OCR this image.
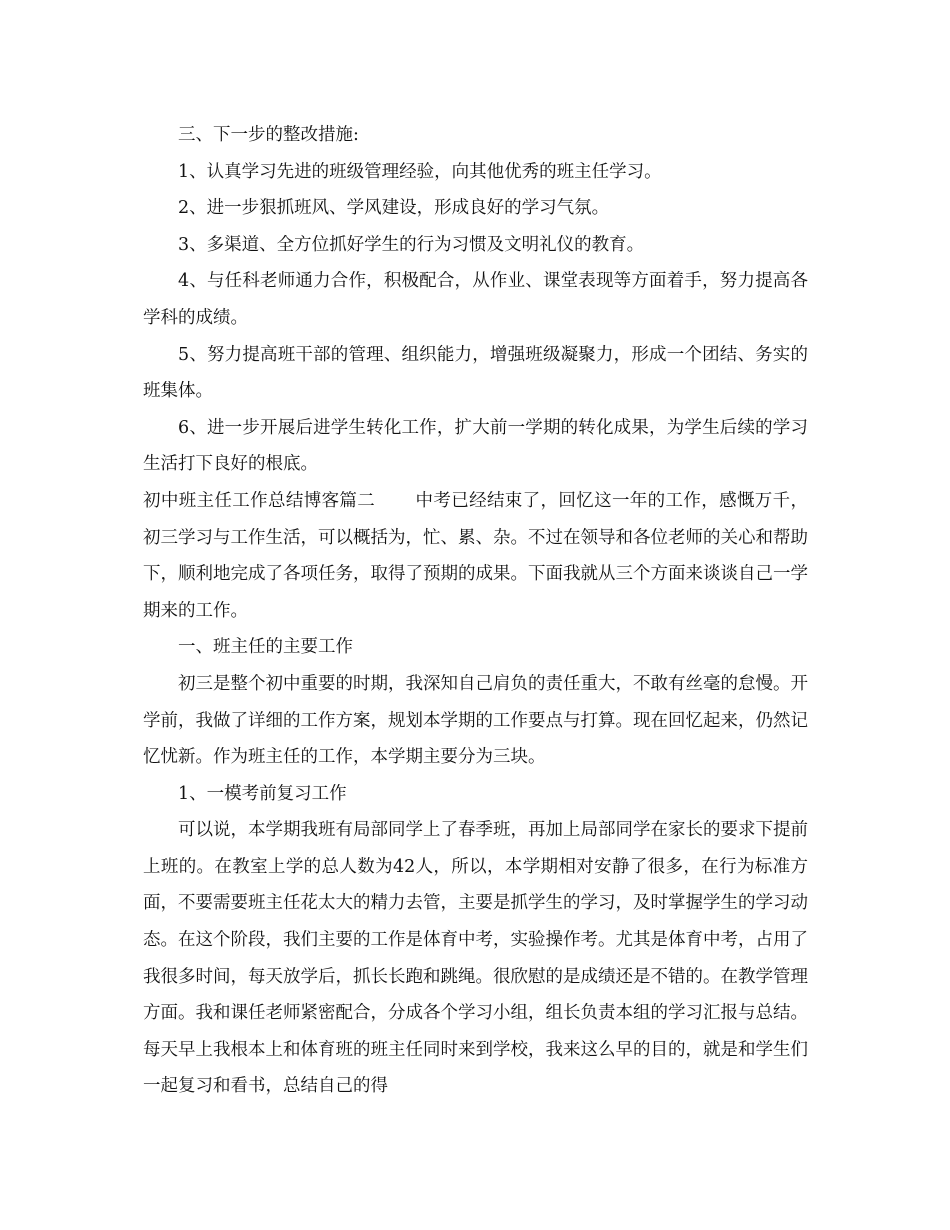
三、下一步的整改措施:

1、认真学习先进的班级管理经验，向其他优秀的班主任学习。

2、进一步狠抓班风、学风建设，形成良好的学习气氛。

3、多渠道、全方位抓好学生的行为习惯及文明礼仪的教育。

4、与任科老师通力合作，积极配合，从作业、课堂表现等方面着手，努力提高各学科的成绩。

5、努力提高班干部的管理、组织能力，增强班级凝聚力，形成一个团结、务实的班集体。

6、进一步开展后进学生转化工作，扩大前一学期的转化成果，为学生后续的学习生活打下良好的根底。

初中班主任工作总结博客篇二 中考已经结束了，回忆这一年的工作，感慨万千，初三学习与工作生活，可以概括为，忙、累、杂。不过在领导和各位老师的关心和帮助下，顺利地完成了各项任务，取得了预期的成果。下面我就从三个方面来谈谈自己一学期来的工作。

一、班主任的主要工作

初三是整个初中重要的时期，我深知自己肩负的责任重大，不敢有丝毫的怠慢。开学前，我做了详细的工作方案，规划本学期的工作要点与打算。现在回忆起来，仍然记忆忧新。作为班主任的工作，本学期主要分为三块。

1、一模考前复习工作

可以说，本学期我班有局部同学上了春季班，再加上局部同学在家长的要求下提前上班的。在教室上学的总人数为42人，所以，本学期相对安静了很多，在行为标准方面，不要需要班主任花太大的精力去管，主要是抓学生的学习，及时掌握学生的学习动态。在这个阶段，我们主要的工作是体育中考，实验操作考。尤其是体育中考，占用了我很多时间，每天放学后，抓长长跑和跳绳。很欣慰的是成绩还是不错的。在教学管理方面。我和课任老师紧密配合，分成各个学习小组，组长负责本组的学习汇报与总结。每天早上我根本上和体育班的班主任同时来到学校，我来这么早的目的，就是和学生们一起复习和看书，总结自己的得
